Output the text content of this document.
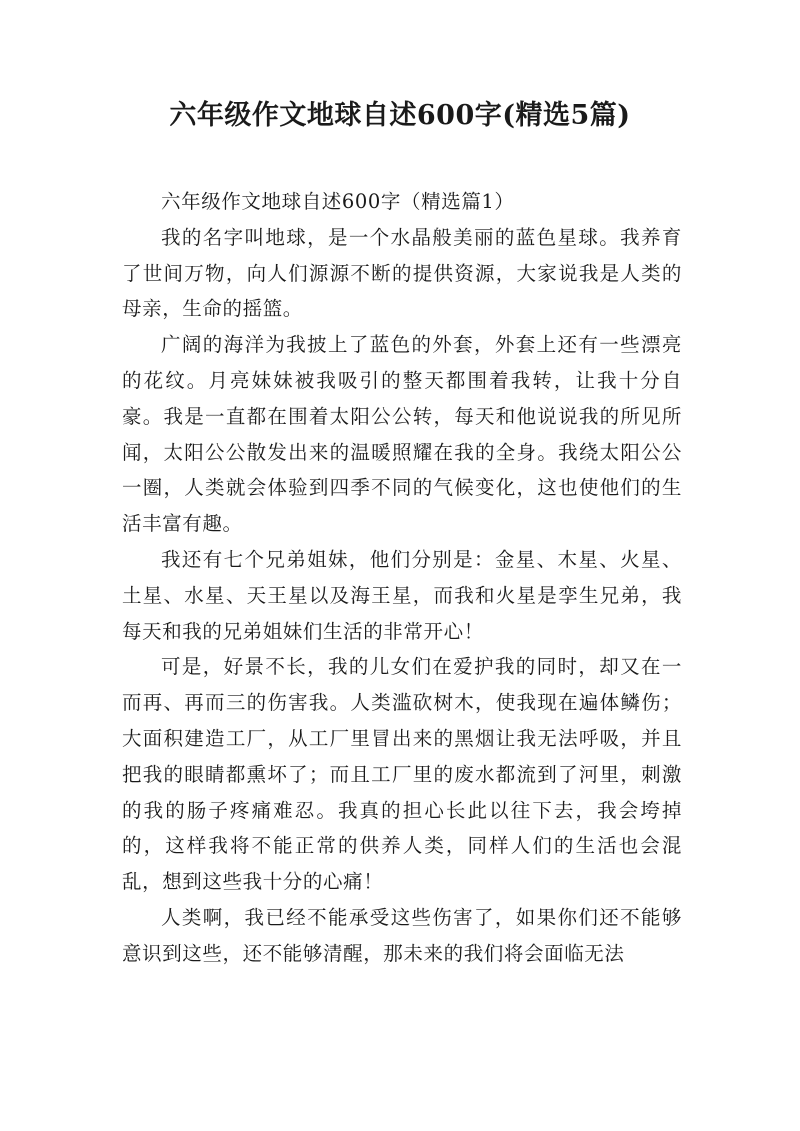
六年级作文地球自述600字(精选5篇)

六年级作文地球自述600字（精选篇1）

我的名字叫地球，是一个水晶般美丽的蓝色星球。我养育了世间万物，向人们源源不断的提供资源，大家说我是人类的母亲，生命的摇篮。

广阔的海洋为我披上了蓝色的外套，外套上还有一些漂亮的花纹。月亮妹妹被我吸引的整天都围着我转，让我十分自豪。我是一直都在围着太阳公公转，每天和他说说我的所见所闻，太阳公公散发出来的温暖照耀在我的全身。我绕太阳公公一圈，人类就会体验到四季不同的气候变化，这也使他们的生活丰富有趣。

我还有七个兄弟姐妹，他们分别是：金星、木星、火星、土星、水星、天王星以及海王星，而我和火星是孪生兄弟，我每天和我的兄弟姐妹们生活的非常开心！

可是，好景不长，我的儿女们在爱护我的同时，却又在一而再、再而三的伤害我。人类滥砍树木，使我现在遍体鳞伤；大面积建造工厂，从工厂里冒出来的黑烟让我无法呼吸，并且把我的眼睛都熏坏了；而且工厂里的废水都流到了河里，刺激的我的肠子疼痛难忍。我真的担心长此以往下去，我会垮掉的，这样我将不能正常的供养人类，同样人们的生活也会混乱，想到这些我十分的心痛！

人类啊，我已经不能承受这些伤害了，如果你们还不能够意识到这些，还不能够清醒，那未来的我们将会面临无法
